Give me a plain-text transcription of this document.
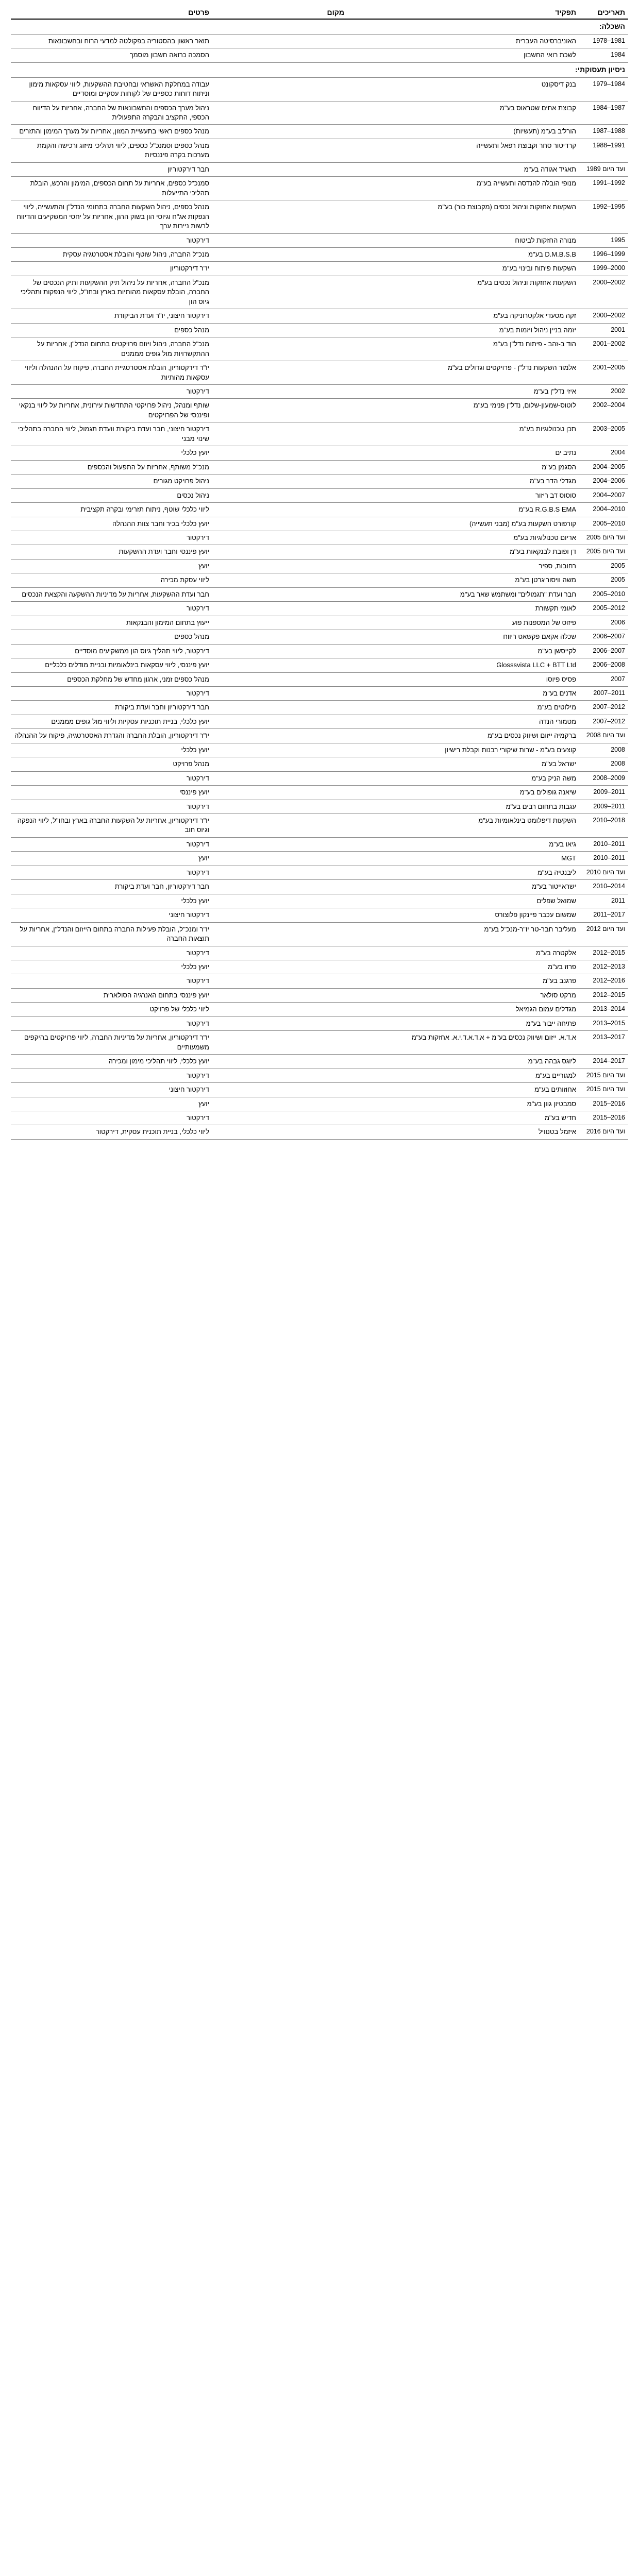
תאריכים	תפקיד	מקום	פרטים
השכלה:			
1978–1981	האוניברסיטה העברית		תואר ראשון בהסטוריה בפקולטה למדעי הרוח ובחשבונאות
1984	לשכת רואי החשבון		הסמכה כרואה חשבון מוסמך
ניסיון תעסוקתי:			
1979–1984	בנק דיסקונט		עבודה במחלקת האשראי ובחטיבת ההשקעות, ליווי עסקאות מימון וניתוח דוחות כספיים של לקוחות עסקיים ומוסדיים
1984–1987	קבוצת אחים שטראוס בע"מ		ניהול מערך הכספים והחשבונאות של החברה, אחריות על הדיווח הכספי, התקציב והבקרה התפעולית
1987–1988	הורל'ב בע"מ (תעשיות)		מנהל כספים ראשי בתעשיית המזון, אחריות על מערך המימון והתזרים
1988–1991	קרדיטור סחר וקבוצת רפאל ותעשייה		מנהל כספים וסמנכ"ל כספים, ליווי תהליכי מיזוג ורכישה והקמת מערכות בקרה פיננסיות
1989 ועד היום	תאגיד אגודה בע"מ		חבר דירקטוריון
1991–1992	מנופי הובלה להנדסה ותעשייה בע"מ		סמנכ"ל כספים, אחריות על תחום הכספים, המימון והרכש, הובלת תהליכי התייעלות
1992–1995	השקעות אחזקות וניהול נכסים (מקבוצת כור) בע"מ		מנהל כספים, ניהול השקעות החברה בתחומי הנדל"ן והתעשייה, ליווי הנפקות אג"ח וגיוסי הון בשוק ההון, אחריות על יחסי המשקיעים והדיווח לרשות ניירות ערך
1995	מנורה החזקות לביטוח		דירקטור
1996–1999	D.M.B.S.B בע"מ		מנכ"ל החברה, ניהול שוטף והובלת אסטרטגיה עסקית
1999–2000	השקעות פיתוח ובינוי בע"מ		יו"ר דירקטוריון
2000–2002	השקעות אחזקות וניהול נכסים בע"מ		מנכ"ל החברה, אחריות על ניהול תיק ההשקעות ותיק הנכסים של החברה, הובלת עסקאות מהותיות בארץ ובחו"ל, ליווי הנפקות ותהליכי גיוס הון
2000–2002	זקה מסעדי אלקטרוניקה בע"מ		דירקטור חיצוני, יו"ר ועדת הביקורת
2001	יזמה בניין ניהול ויזמות בע"מ		מנהל כספים
2001–2002	הוד ב-זהב - פיתוח נדל"ן בע"מ		מנכ"ל החברה, ניהול ויזום פרויקטים בתחום הנדל"ן, אחריות על ההתקשרויות מול גופים מממנים
2001–2005	אלמור השקעות נדל"ן - פרויקטים וגדולים בע"מ		יו"ר דירקטוריון, הובלת אסטרטגיית החברה, פיקוח על ההנהלה וליווי עסקאות מהותיות
2002	איזי נדל"ן בע"מ		דירקטור
2002–2004	לוטוס-שמעון-שלום, נדל"ן פנימי בע"מ		שותף ומנהל, ניהול פרויקטי התחדשות עירונית, אחריות על ליווי בנקאי ופיננסי של הפרויקטים
2003–2005	תכן טכנולוגיות בע"מ		דירקטור חיצוני, חבר ועדת ביקורת וועדת תגמול, ליווי החברה בתהליכי שינוי מבני
2004	נתיב ים		יועץ כלכלי
2004–2005	הסגמן בע"מ		מנכ"ל משותף, אחריות על התפעול והכספים
2004–2006	מגדלי הדר בע"מ		ניהול פרויקט מגורים
2004–2007	סוסוס דב ריזור		ניהול נכסים
2004–2010	R.G.B.S EMA בע"מ		ליווי כלכלי שוטף, ניתוח תזרימי ובקרה תקציבית
2005–2010	קורפורט השקעות בע"מ (מבני תעשייה)		יועץ כלכלי בכיר וחבר צוות ההנהלה
2005 ועד היום	אריום טכנולוגיות בע"מ		דירקטור
2005 ועד היום	דן ופובת לבנקאות בע"מ		יועץ פיננסי וחבר ועדת ההשקעות
2005	רחובות, ספיר		יועץ
2005	משה וויסוריגרטן בע"מ		ליווי עסקת מכירה
2005–2010	חבר ועדת "תגמולים" ומשתמש שאר בע"מ		חבר ועדת ההשקעות, אחריות על מדיניות ההשקעה והקצאת הנכסים
2005–2012	לאומי תקשורת		דירקטור
2006	פיזוס של המספנות פוע		ייעוץ בתחום המימון והבנקאות
2006–2007	שכלה אקאם פקשאט ריווח		מנהל כספים
2006–2007	לקייסשן בע"מ		דירקטור, ליווי תהליך גיוס הון ממשקיעים מוסדיים
2006–2008	Glosssvista LLC + BTT Ltd		יועץ פיננסי, ליווי עסקאות בינלאומיות ובניית מודלים כלכליים
2007	פסיס פיוסו		מנהל כספים זמני, ארגון מחדש של מחלקת הכספים
2007–2011	אדנים בע"מ		דירקטור
2007–2012	מילוטים בע"מ		חבר דירקטוריון וחבר ועדת ביקורת
2007–2012	מטמורי הנדה		יועץ כלכלי, בניית תוכניות עסקיות וליווי מול גופים מממנים
2008 ועד היום	ברקמיה ייזום ושיווק נכסים בע"מ		יו"ר דירקטוריון, הובלת החברה והגדרת האסטרטגיה, פיקוח על ההנהלה
2008	קוצעים בע"מ - שרות שיקורי רבנות וקבלת רישיון		יועץ כלכלי
2008	ישראל בע"מ		מנהל פרויקט
2008–2009	משה הניק בע"מ		דירקטור
2009–2011	שיאנה גופולים בע"מ		יועץ פיננסי
2009–2011	עגבות בתחום רבים בע"מ		דירקטור
2010–2018	השקעות דיפלומט בינלאומיות בע"מ		יו"ר דירקטוריון, אחריות על השקעות החברה בארץ ובחו"ל, ליווי הנפקה וגיוס חוב
2010–2011	גיאו בע"מ		דירקטור
2010–2011	MGT		יועץ
2010 ועד היום	ליבנטיה בע"מ		דירקטור
2010–2014	ישראייטור בע"מ		חבר דירקטוריון, חבר ועדת ביקורת
2011	שמואל שפלים		יועץ כלכלי
2011–2017	שמשום עכבר פיינקון פלוצורס		דירקטור חיצוני
2012 ועד היום	מעליבר חבר-טר יו"ר-מנכ"ל בע"מ		יו"ר ומנכ"ל, הובלת פעילות החברה בתחום הייזום והנדל"ן, אחריות על תוצאות החברה
2012–2015	אלקטרה בע"מ		דירקטור
2012–2013	פרוז בע"מ		יועץ כלכלי
2012–2016	פרגנב בע"מ		דירקטור
2012–2015	מרקט סולאר		יועץ פיננסי בתחום האנרגיה הסולארית
2013–2014	מגדלים עמום הגמיאל		ליווי כלכלי של פרויקט
2013–2015	פתיחה ייבור בע"מ		דירקטור
2013–2017	א.ד.א. ייזום ושיווק נכסים בע"מ + א.ד.א.ד.י.א. אחזקות בע"מ		יו"ר דירקטוריון, אחריות על מדיניות החברה, ליווי פרויקטים בהיקפים משמעותיים
2014–2017	ליוגס גבהה בע"מ		יועץ כלכלי, ליווי תהליכי מימון ומכירה
2015 ועד היום	למגוריים בע"מ		דירקטור
2015 ועד היום	אחוזותים בע"מ		דירקטור חיצוני
2015–2016	סמבטיון גוון בע"מ		יועץ
2015–2016	חדיש בע"מ		דירקטור
2016 ועד היום	איזמל בטנוויל		ליווי כלכלי, בניית תוכנית עסקית, דירקטור
